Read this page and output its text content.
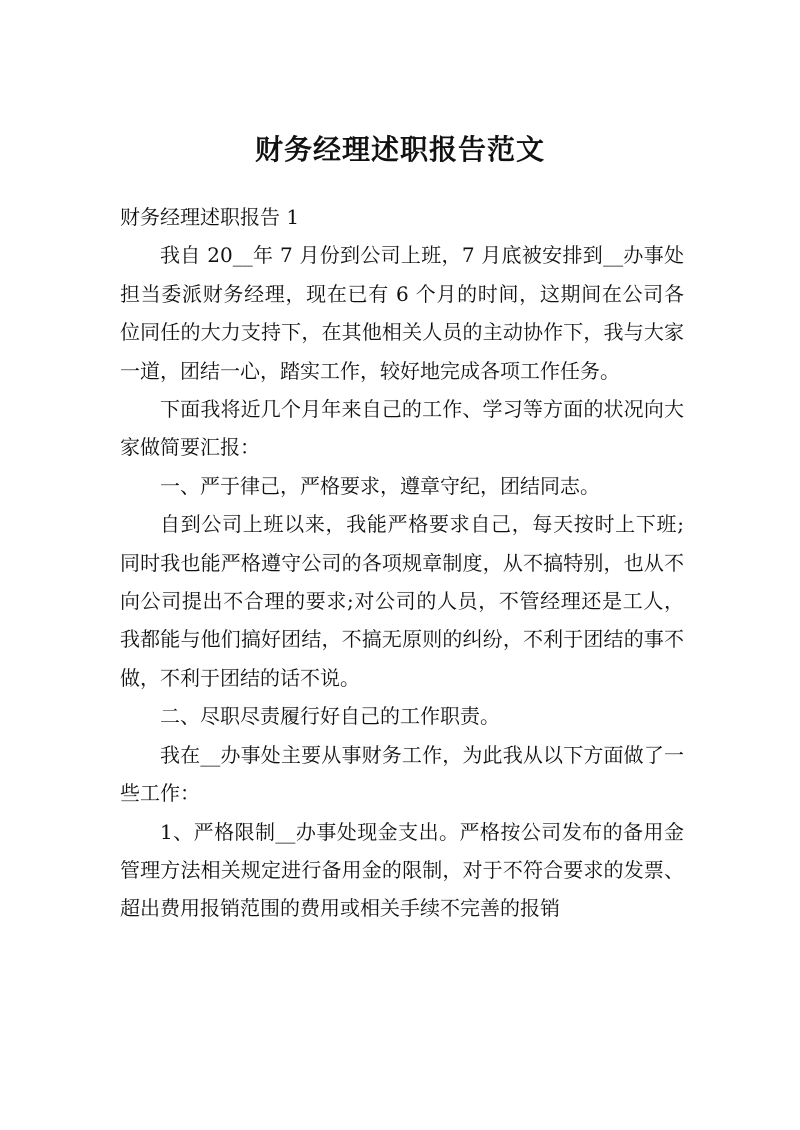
财务经理述职报告范文

财务经理述职报告 1

我自 20__年 7 月份到公司上班，7 月底被安排到__办事处担当委派财务经理，现在已有 6 个月的时间，这期间在公司各位同任的大力支持下，在其他相关人员的主动协作下，我与大家一道，团结一心，踏实工作，较好地完成各项工作任务。

下面我将近几个月年来自己的工作、学习等方面的状况向大家做简要汇报：

一、严于律己，严格要求，遵章守纪，团结同志。

自到公司上班以来，我能严格要求自己，每天按时上下班;同时我也能严格遵守公司的各项规章制度，从不搞特别，也从不向公司提出不合理的要求;对公司的人员，不管经理还是工人，我都能与他们搞好团结，不搞无原则的纠纷，不利于团结的事不做，不利于团结的话不说。

二、尽职尽责履行好自己的工作职责。

我在__办事处主要从事财务工作，为此我从以下方面做了一些工作：

1、严格限制__办事处现金支出。严格按公司发布的备用金管理方法相关规定进行备用金的限制，对于不符合要求的发票、超出费用报销范围的费用或相关手续不完善的报销
